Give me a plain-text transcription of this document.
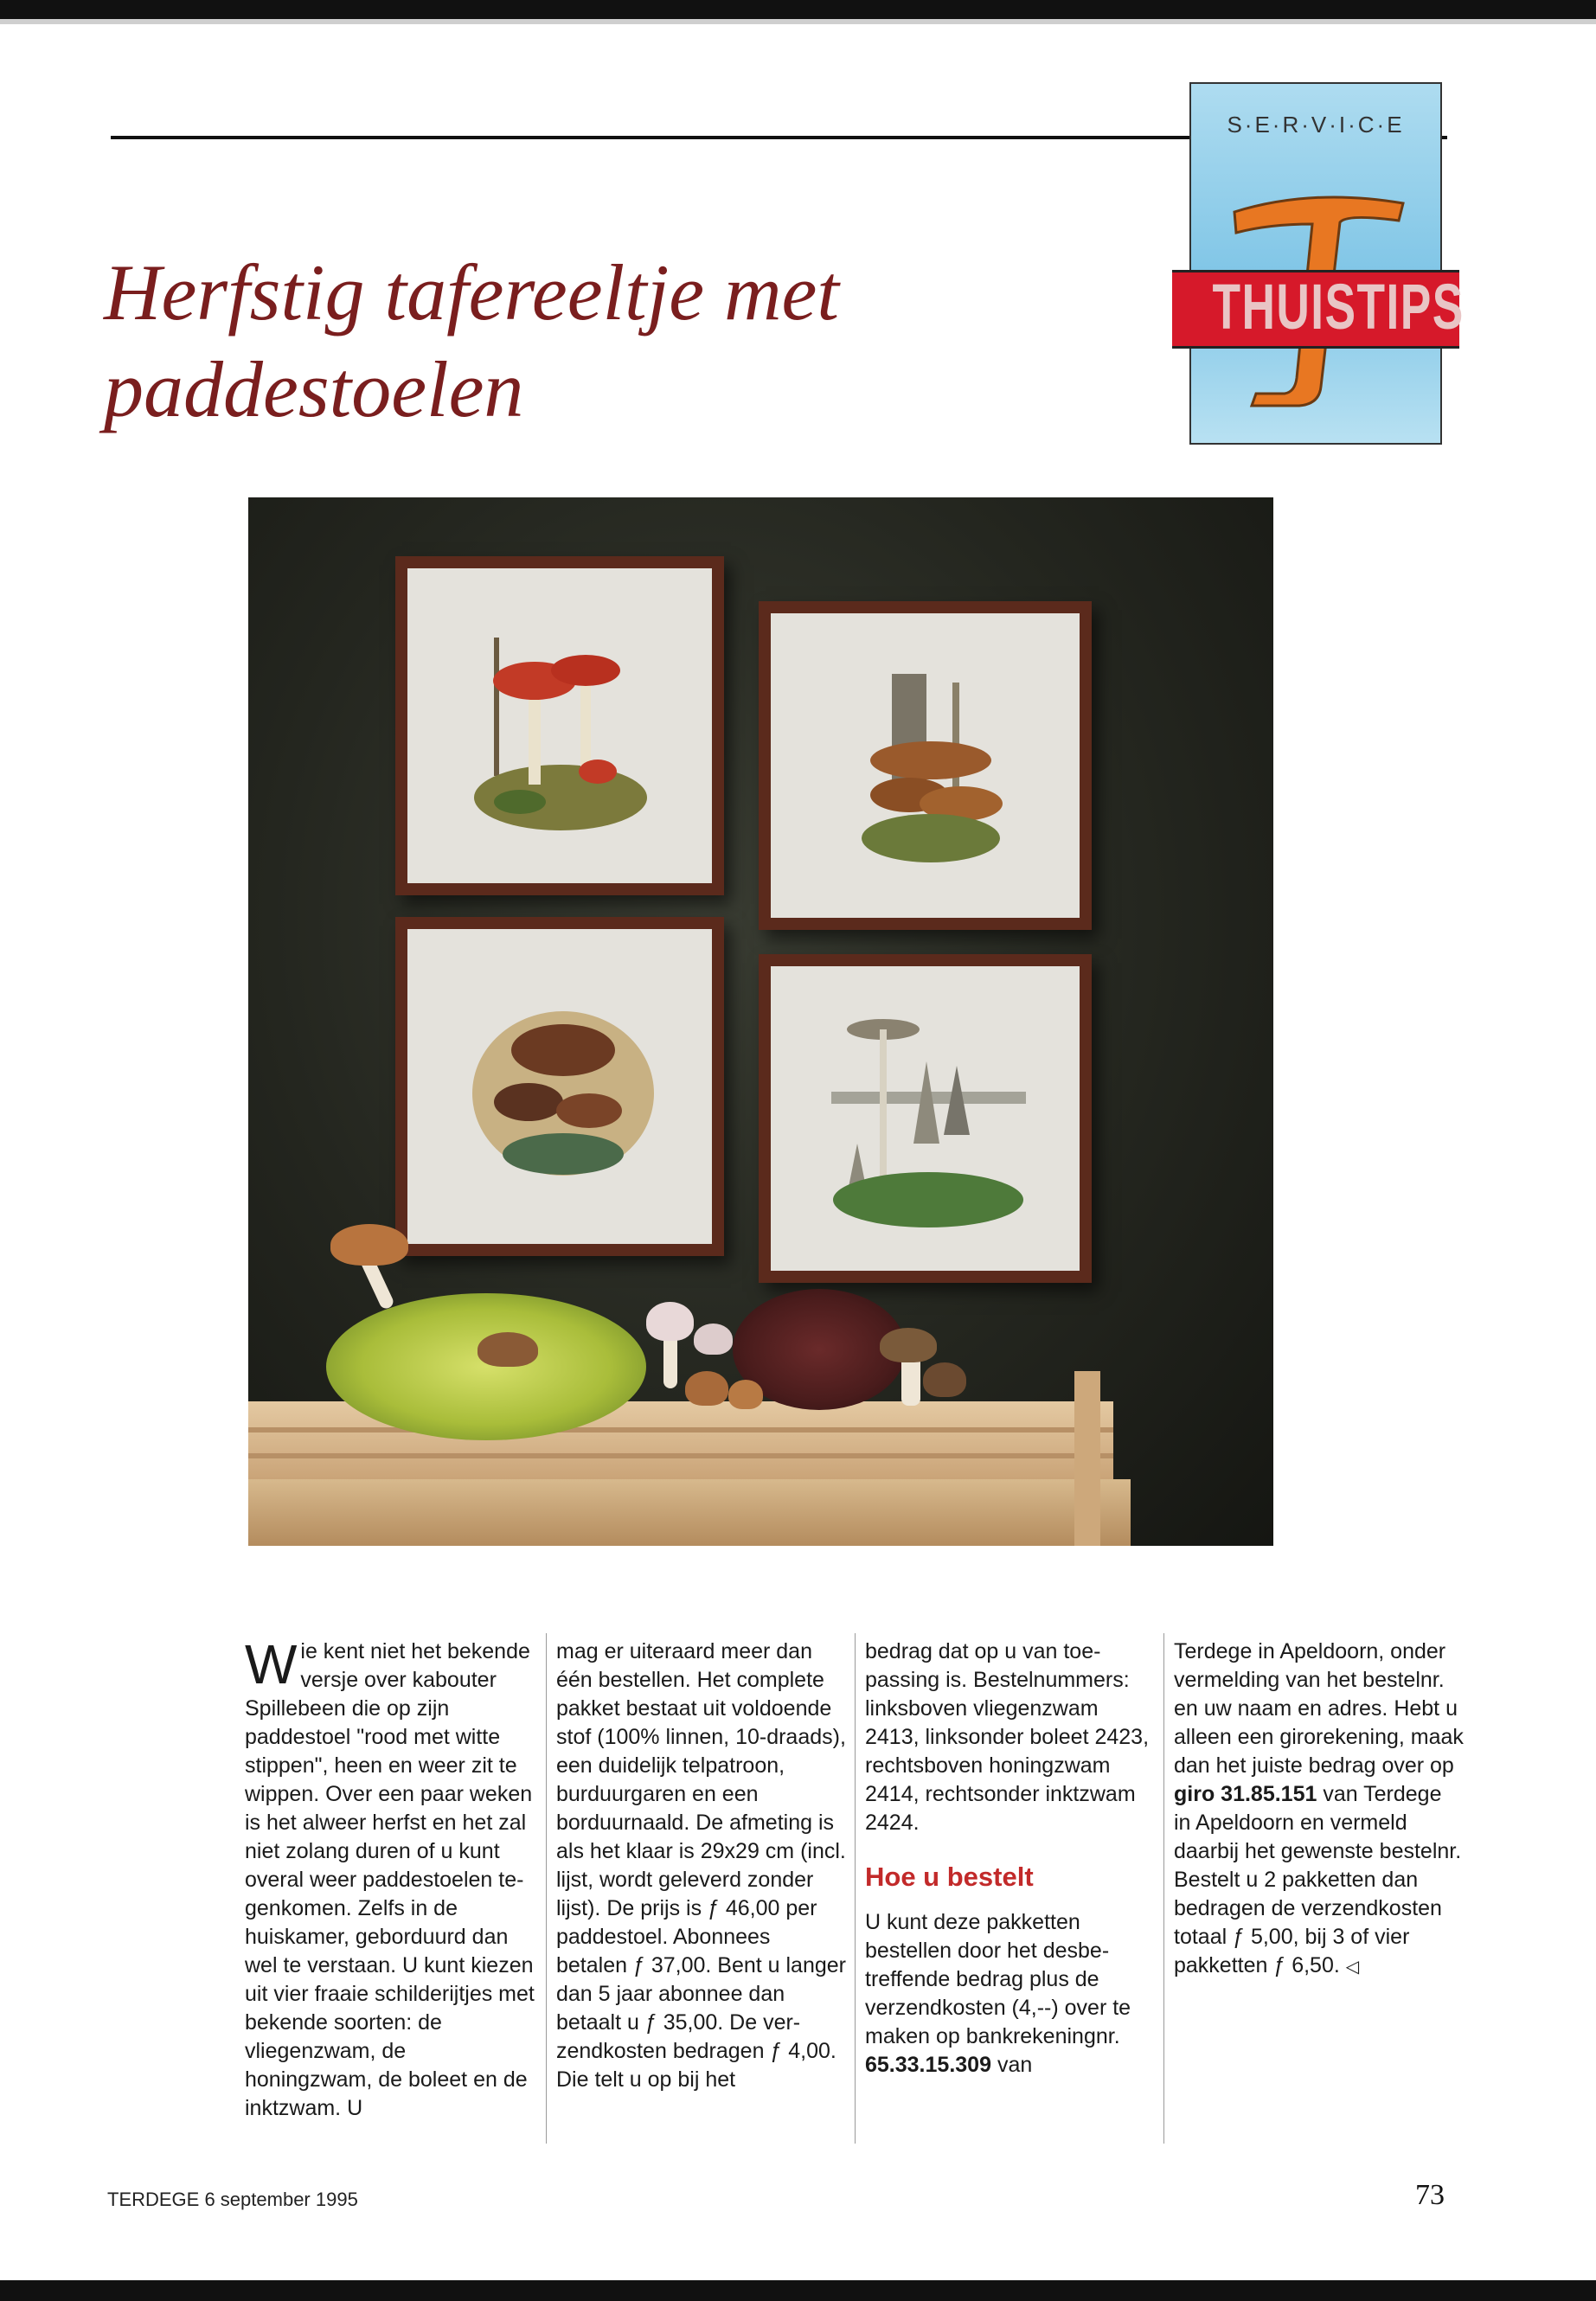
Herfstig tafereeltje met
paddestoelen
S·E·R·V·I·C·E
THUISTIPS

Wie kent niet het bekende versje over kabouter Spillebeen die op zijn paddestoel "rood met witte stippen", heen en weer zit te wippen. Over een paar weken is het alweer herfst en het zal niet zolang duren of u kunt overal weer paddestoelen tegenkomen. Zelfs in de huiskamer, geborduurd dan wel te verstaan. U kunt kiezen uit vier fraaie schilderijtjes met bekende soorten: de vliegenzwam, de honingzwam, de boleet en de inktzwam. U

mag er uiteraard meer dan één bestellen. Het complete pakket bestaat uit voldoende stof (100% linnen, 10-draads), een duidelijk telpatroon, burduurgaren en een borduurnaald. De afmeting is als het klaar is 29x29 cm (incl. lijst, wordt geleverd zonder lijst). De prijs is ƒ 46,00 per paddestoel. Abonnees betalen ƒ 37,00. Bent u langer dan 5 jaar abonnee dan betaalt u ƒ 35,00. De verzendkosten bedragen ƒ 4,00. Die telt u op bij het

bedrag dat op u van toepassing is. Bestelnummers: linksboven vliegenzwam 2413, linksonder boleet 2423, rechtsboven honingzwam 2414, rechtsonder inktzwam 2424.

Hoe u bestelt

U kunt deze pakketten bestellen door het desbetreffende bedrag plus de verzendkosten (4,--) over te maken op bankrekeningnr. 65.33.15.309 van

Terdege in Apeldoorn, onder vermelding van het bestelnr. en uw naam en adres. Hebt u alleen een girorekening, maak dan het juiste bedrag over op giro 31.85.151 van Terdege in Apeldoorn en vermeld daarbij het gewenste bestelnr. Bestelt u 2 pakketten dan bedragen de verzendkosten totaal ƒ 5,00, bij 3 of vier pakketten ƒ 6,50. ◁

TERDEGE 6 september 1995	73
